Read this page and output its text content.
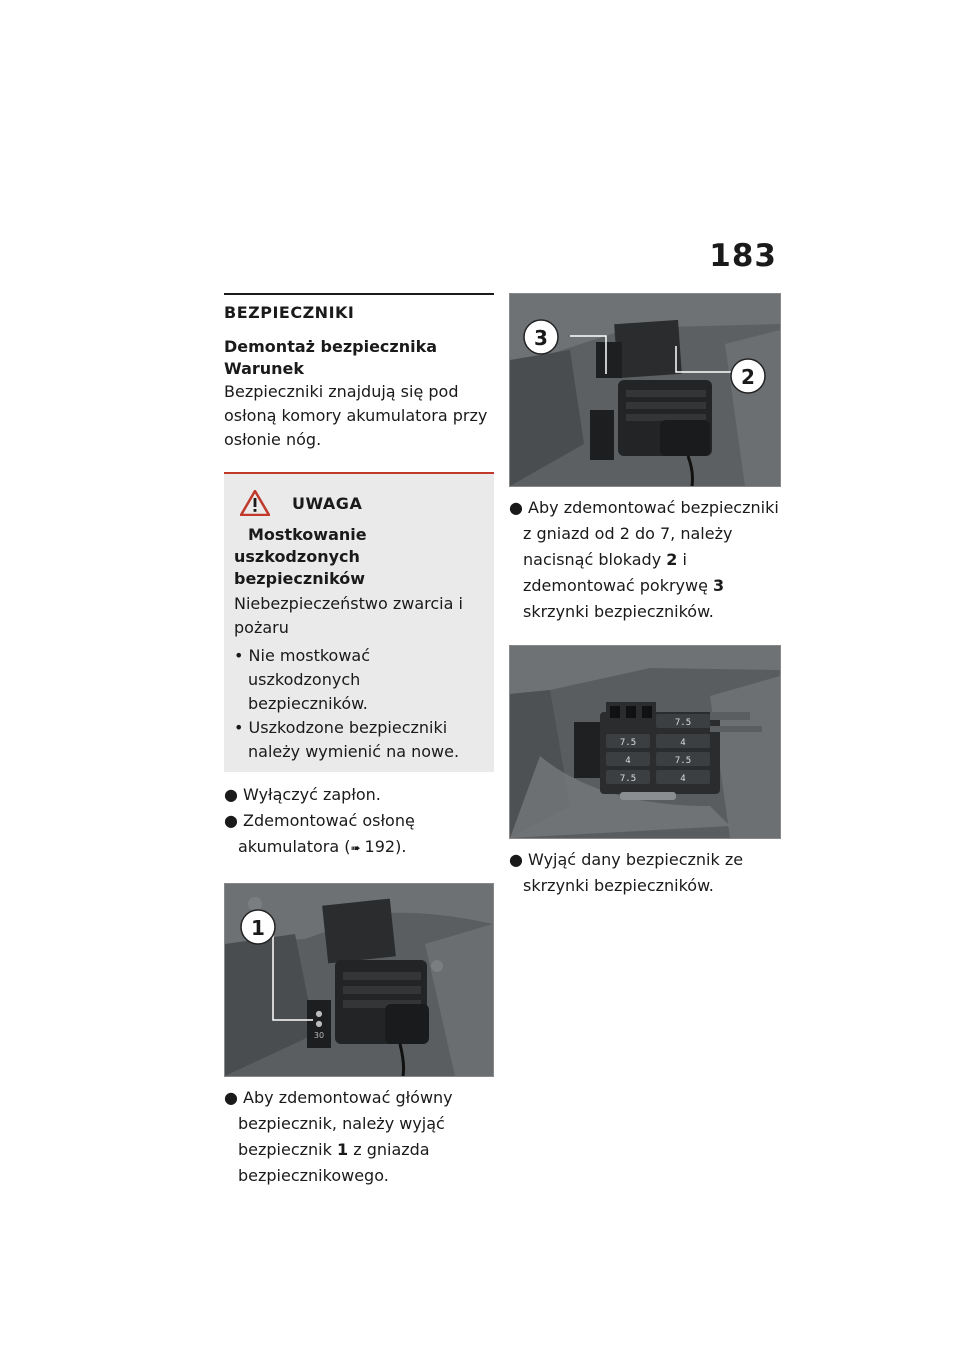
183
BEZPIECZNIKI

Demontaż bezpiecznika

Warunek

Bezpieczniki znajdują się pod osłoną komory akumulatora przy osłonie nóg.

UWAGA

Mostkowanie uszkodzonych bezpieczników

Niebezpieczeństwo zwarcia i pożaru

• Nie mostkować uszkodzonych bezpieczników.
• Uszkodzone bezpieczniki należy wymienić na nowe.
● Wyłączyć zapłon.
● Zdemontować osłonę akumulatora (➠ 192).
●
●
30
1
● Aby zdemontować główny bezpiecznik, należy wyjąć bezpiecznik 1 z gniazda bezpiecznikowego.
3
2
● Aby zdemontować bezpieczniki z gniazd od 2 do 7, należy nacisnąć blokady 2 i zdemontować pokrywę 3 skrzynki bezpieczników.
7.5
7.5	4
4	7.5
7.5	4
● Wyjąć dany bezpiecznik ze skrzynki bezpieczników.
